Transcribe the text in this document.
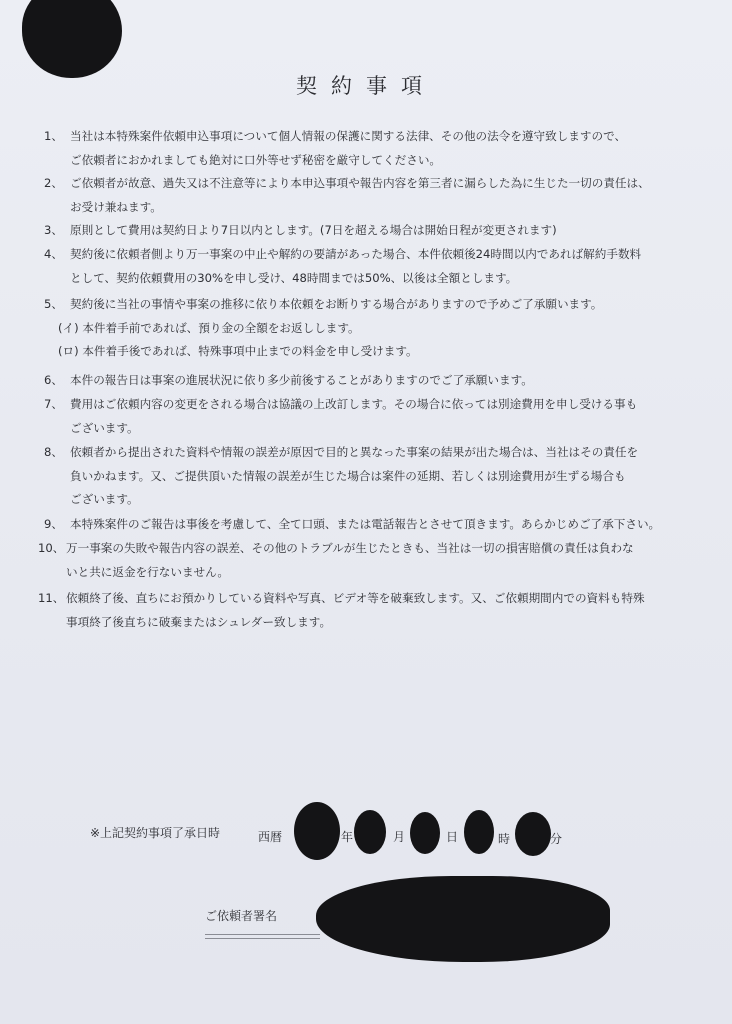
契約事項
1、 当社は本特殊案件依頼申込事項について個人情報の保護に関する法律、その他の法令を遵守致しますので、
ご依頼者におかれましても絶対に口外等せず秘密を厳守してください。
2、 ご依頼者が故意、過失又は不注意等により本申込事項や報告内容を第三者に漏らした為に生じた一切の責任は、
お受け兼ねます。
3、 原則として費用は契約日より7日以内とします。(7日を超える場合は開始日程が変更されます)
4、 契約後に依頼者側より万一事案の中止や解約の要請があった場合、本件依頼後24時間以内であれば解約手数料
として、契約依頼費用の30%を申し受け、48時間までは50%、以後は全額とします。
5、 契約後に当社の事情や事案の推移に依り本依頼をお断りする場合がありますので予めご了承願います。
(イ) 本件着手前であれば、預り金の全額をお返しします。
(ロ) 本件着手後であれば、特殊事項中止までの料金を申し受けます。
6、 本件の報告日は事案の進展状況に依り多少前後することがありますのでご了承願います。
7、 費用はご依頼内容の変更をされる場合は協議の上改訂します。その場合に依っては別途費用を申し受ける事も
ございます。
8、 依頼者から提出された資料や情報の誤差が原因で目的と異なった事案の結果が出た場合は、当社はその責任を
負いかねます。又、ご提供頂いた情報の誤差が生じた場合は案件の延期、若しくは別途費用が生ずる場合も
ございます。
9、 本特殊案件のご報告は事後を考慮して、全て口頭、または電話報告とさせて頂きます。あらかじめご了承下さい。
10、 万一事案の失敗や報告内容の誤差、その他のトラブルが生じたときも、当社は一切の損害賠償の責任は負わな
いと共に返金を行ないません。
11、 依頼終了後、直ちにお預かりしている資料や写真、ビデオ等を破棄致します。又、ご依頼期間内での資料も特殊
事項終了後直ちに破棄またはシュレダー致します。
※上記契約事項了承日時	西暦	年	月	日	時	分
ご依頼者署名
